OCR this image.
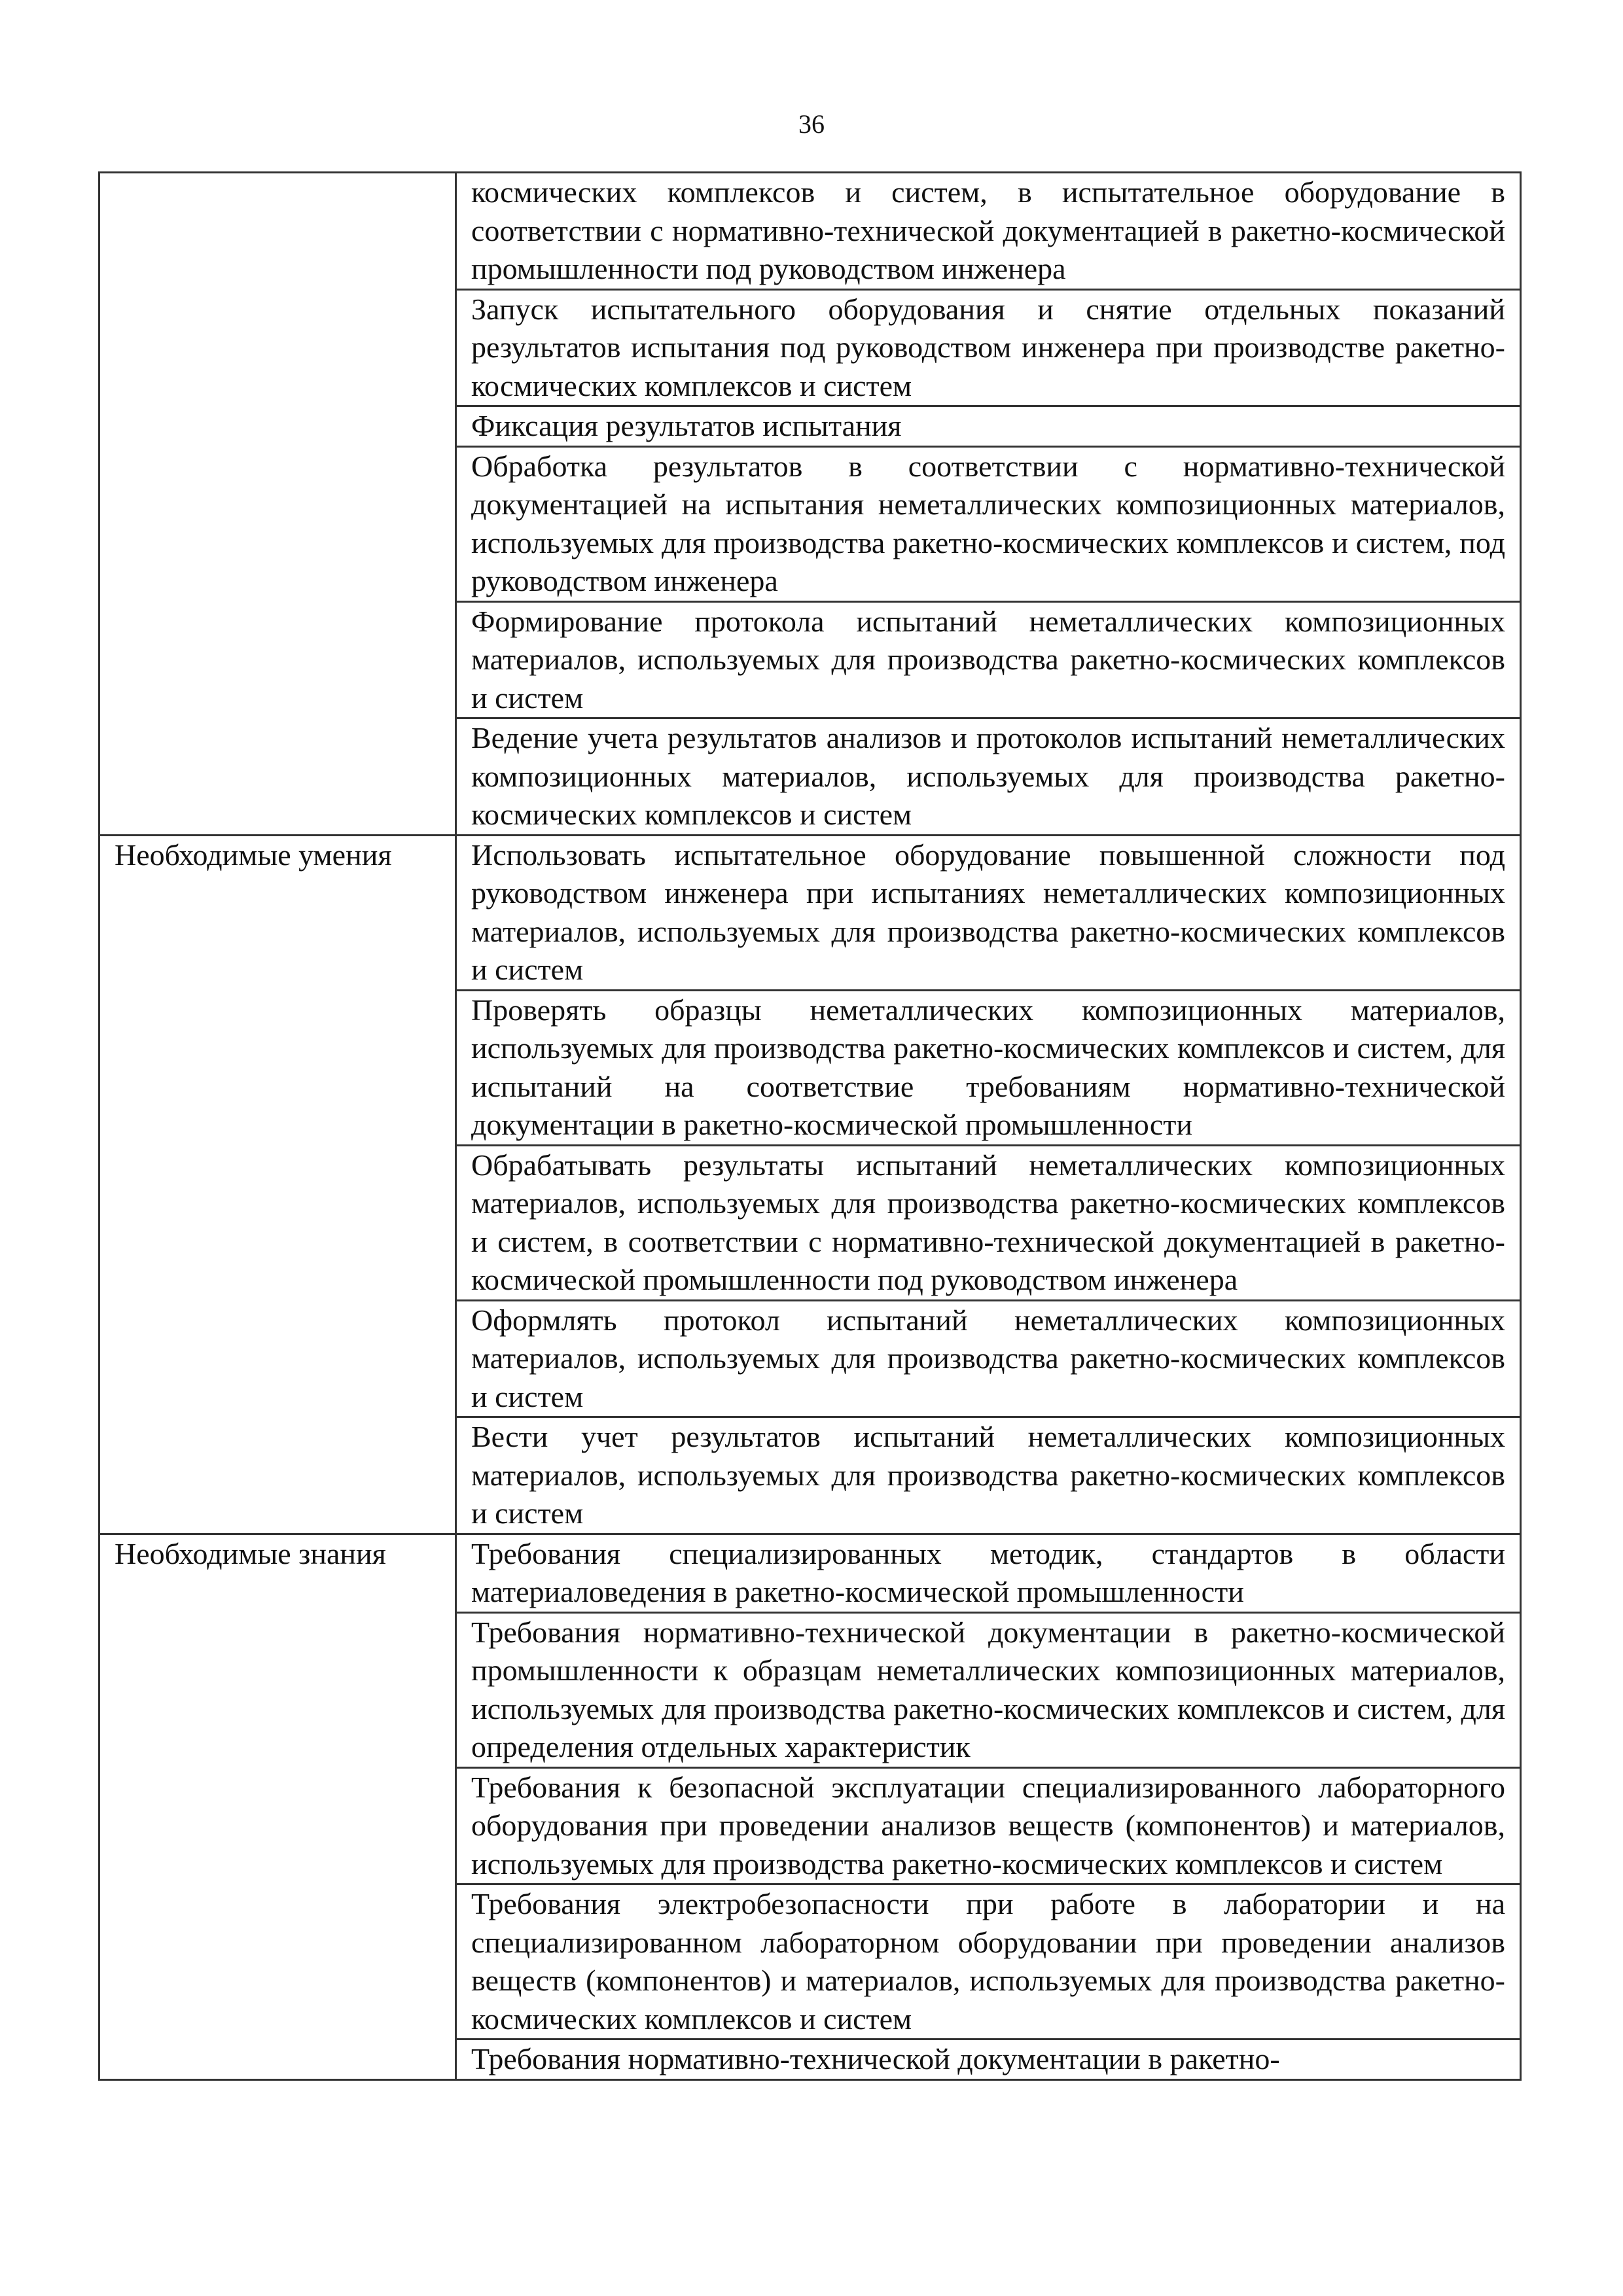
36
	космических комплексов и систем, в испытательное оборудование в соответствии с нормативно-технической документацией в ракетно-космической промышленности под руководством инженера
	Запуск испытательного оборудования и снятие отдельных показаний результатов испытания под руководством инженера при производстве ракетно-космических комплексов и систем
	Фиксация результатов испытания
	Обработка результатов в соответствии с нормативно-технической документацией на испытания неметаллических композиционных материалов, используемых для производства ракетно-космических комплексов и систем, под руководством инженера
	Формирование протокола испытаний неметаллических композиционных материалов, используемых для производства ракетно-космических комплексов и систем
	Ведение учета результатов анализов и протоколов испытаний неметаллических композиционных материалов, используемых для производства ракетно-космических комплексов и систем
Необходимые умения	Использовать испытательное оборудование повышенной сложности под руководством инженера при испытаниях неметаллических композиционных материалов, используемых для производства ракетно-космических комплексов и систем
	Проверять образцы неметаллических композиционных материалов, используемых для производства ракетно-космических комплексов и систем, для испытаний на соответствие требованиям нормативно-технической документации в ракетно-космической промышленности
	Обрабатывать результаты испытаний неметаллических композиционных материалов, используемых для производства ракетно-космических комплексов и систем, в соответствии с нормативно-технической документацией в ракетно-космической промышленности под руководством инженера
	Оформлять протокол испытаний неметаллических композиционных материалов, используемых для производства ракетно-космических комплексов и систем
	Вести учет результатов испытаний неметаллических композиционных материалов, используемых для производства ракетно-космических комплексов и систем
Необходимые знания	Требования специализированных методик, стандартов в области материаловедения в ракетно-космической промышленности
	Требования нормативно-технической документации в ракетно-космической промышленности к образцам неметаллических композиционных материалов, используемых для производства ракетно-космических комплексов и систем, для определения отдельных характеристик
	Требования к безопасной эксплуатации специализированного лабораторного оборудования при проведении анализов веществ (компонентов) и материалов, используемых для производства ракетно-космических комплексов и систем
	Требования электробезопасности при работе в лаборатории и на специализированном лабораторном оборудовании при проведении анализов веществ (компонентов) и материалов, используемых для производства ракетно-космических комплексов и систем
	Требования нормативно-технической документации в ракетно-
